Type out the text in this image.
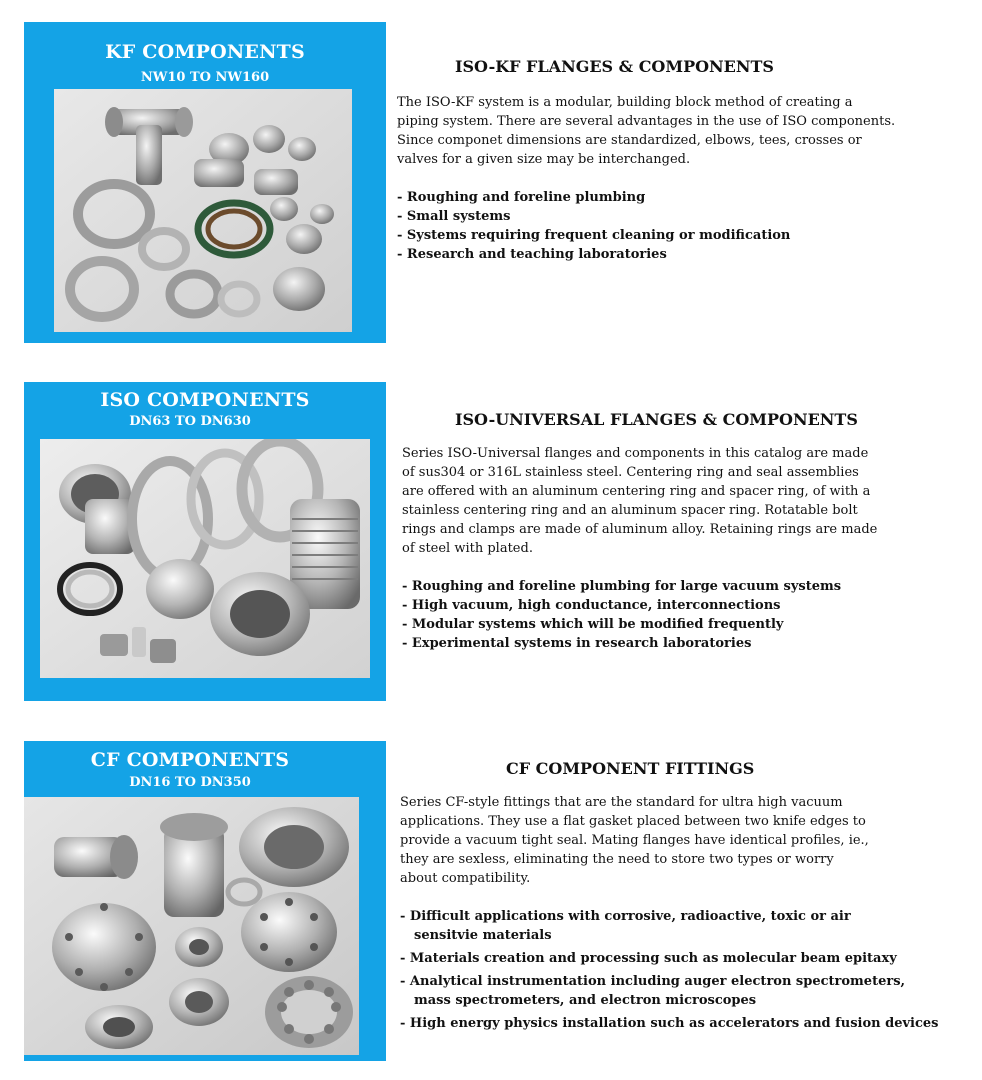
KF COMPONENTS
NW10 TO NW160
ISO-KF FLANGES & COMPONENTS

The ISO-KF system is a modular, building block method of creating a

piping system. There are several advantages in the use of ISO components.

Since componet dimensions are standardized, elbows, tees, crosses or

valves for a given size may be interchanged.

- Roughing and foreline plumbing
- Small systems
- Systems requiring frequent cleaning or modification
- Research and teaching laboratories
ISO COMPONENTS
DN63 TO DN630	ISO-UNIVERSAL FLANGES & COMPONENTS

Series ISO-Universal flanges and components in this catalog are made

of sus304 or 316L stainless steel. Centering ring and seal assemblies

are offered with an aluminum centering ring and spacer ring, of with a

stainless centering ring and an aluminum spacer ring. Rotatable bolt

rings and clamps are made of aluminum alloy. Retaining rings are made

of steel with plated.

- Roughing and foreline plumbing for large vacuum systems
- High vacuum, high conductance, interconnections
- Modular systems which will be modified frequently
- Experimental systems in research laboratories
CF COMPONENTS
DN16 TO DN350
CF COMPONENT FITTINGS

Series CF-style fittings that are the standard for ultra high vacuum

applications. They use a flat gasket placed between two knife edges to

provide a vacuum tight seal. Mating flanges have identical profiles, ie.,

they are sexless, eliminating the need to store two types or worry

about compatibility.

- Difficult applications with corrosive, radioactive, toxic or air
sensitvie materials
- Materials creation and processing such as molecular beam epitaxy
- Analytical instrumentation including auger electron spectrometers,
mass spectrometers, and electron microscopes
- High energy physics installation such as accelerators and fusion devices
